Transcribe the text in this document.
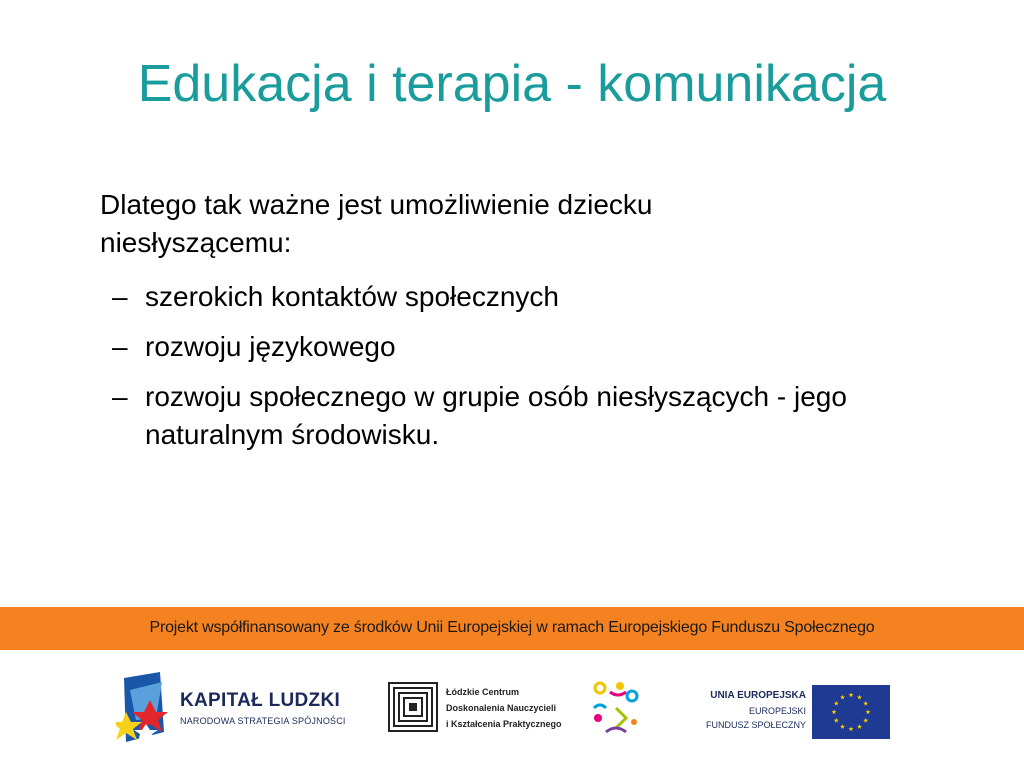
Edukacja i terapia - komunikacja

Dlatego tak ważne jest umożliwienie dziecku niesłyszącemu:

– szerokich kontaktów społecznych
– rozwoju językowego
– rozwoju społecznego w grupie osób niesłyszących - jego naturalnym środowisku.
Projekt współfinansowany ze środków Unii Europejskiej w ramach Europejskiego Funduszu Społecznego
KAPITAŁ LUDZKI
NARODOWA STRATEGIA SPÓJNOŚCI
Łódzkie Centrum
Doskonalenia Nauczycieli
i Kształcenia Praktycznego
UNIA EUROPEJSKA
EUROPEJSKI
FUNDUSZ SPOŁECZNY
